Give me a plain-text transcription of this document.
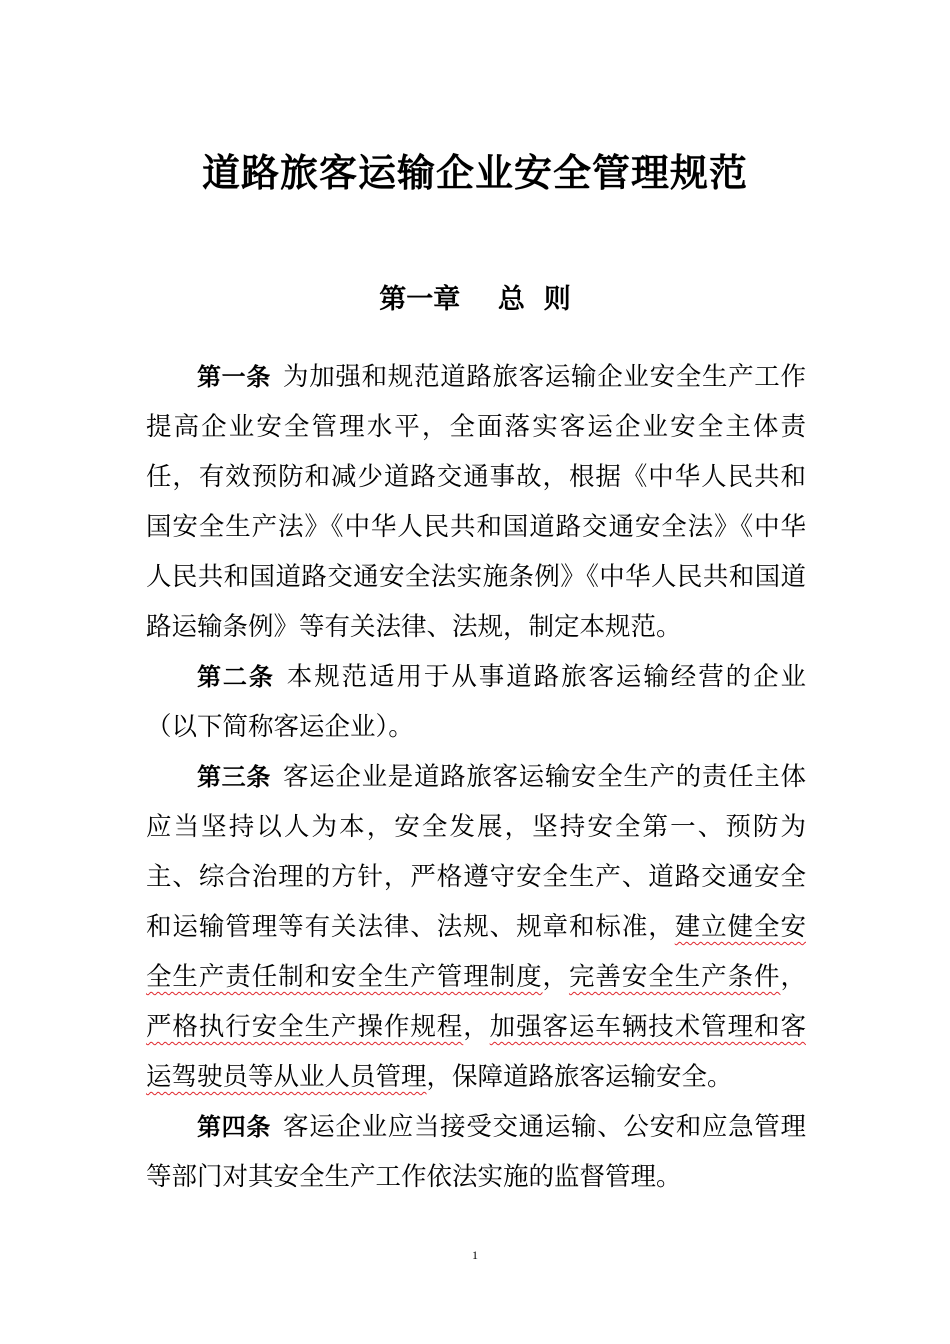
道路旅客运输企业安全管理规范
第一章    总  则

第一条 为加强和规范道路旅客运输企业安全生产工作提高企业安全管理水平，全面落实客运企业安全主体责任，有效预防和减少道路交通事故，根据《中华人民共和国安全生产法》《中华人民共和国道路交通安全法》《中华人民共和国道路交通安全法实施条例》《中华人民共和国道路运输条例》等有关法律、法规，制定本规范。

第二条 本规范适用于从事道路旅客运输经营的企业（以下简称客运企业）。

第三条 客运企业是道路旅客运输安全生产的责任主体应当坚持以人为本，安全发展，坚持安全第一、预防为主、综合治理的方针，严格遵守安全生产、道路交通安全和运输管理等有关法律、法规、规章和标准，建立健全安全生产责任制和安全生产管理制度，完善安全生产条件，严格执行安全生产操作规程，加强客运车辆技术管理和客运驾驶员等从业人员管理，保障道路旅客运输安全。

第四条 客运企业应当接受交通运输、公安和应急管理等部门对其安全生产工作依法实施的监督管理。

1
